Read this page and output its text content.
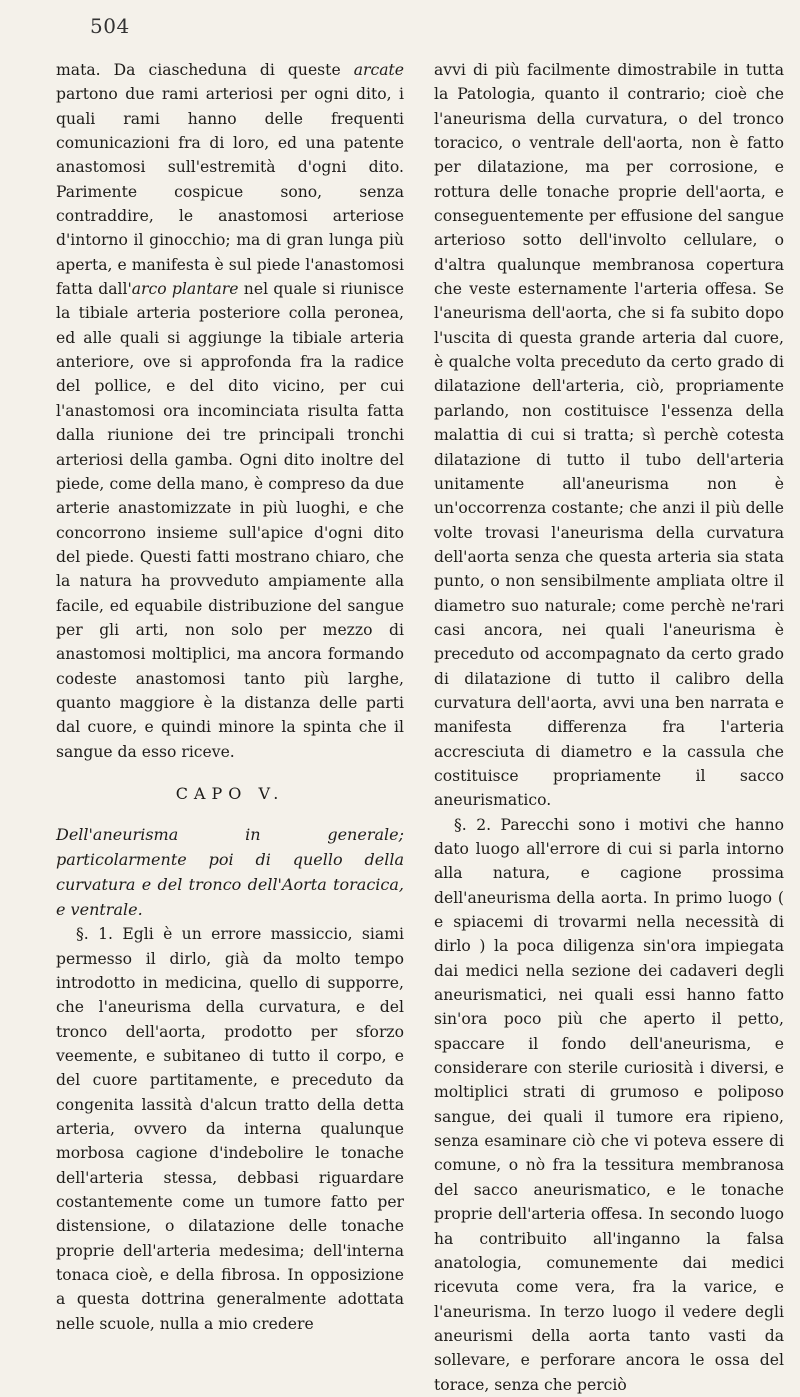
504

mata. Da ciascheduna di queste arcate partono due rami arteriosi per ogni dito, i quali rami hanno delle frequenti comunicazioni fra di loro, ed una patente anastomosi sull'estremità d'ogni dito. Parimente cospicue sono, senza contraddire, le anastomosi arteriose d'intorno il ginocchio; ma di gran lunga più aperta, e manifesta è sul piede l'anastomosi fatta dall'arco plantare nel quale si riunisce la tibiale arteria posteriore colla peronea, ed alle quali si aggiunge la tibiale arteria anteriore, ove si approfonda fra la radice del pollice, e del dito vicino, per cui l'anastomosi ora incominciata risulta fatta dalla riunione dei tre principali tronchi arteriosi della gamba. Ogni dito inoltre del piede, come della mano, è compreso da due arterie anastomizzate in più luoghi, e che concorrono insieme sull'apice d'ogni dito del piede. Questi fatti mostrano chiaro, che la natura ha provveduto ampiamente alla facile, ed equabile distribuzione del sangue per gli arti, non solo per mezzo di anastomosi moltiplici, ma ancora formando codeste anastomosi tanto più larghe, quanto maggiore è la distanza delle parti dal cuore, e quindi minore la spinta che il sangue da esso riceve.

CAPO V.

Dell'aneurisma in generale; particolarmente poi di quello della curvatura e del tronco dell'Aorta toracica, e ventrale.

§. 1. Egli è un errore massiccio, siami permesso il dirlo, già da molto tempo introdotto in medicina, quello di supporre, che l'aneurisma della curvatura, e del tronco dell'aorta, prodotto per sforzo veemente, e subitaneo di tutto il corpo, e del cuore partitamente, e preceduto da congenita lassità d'alcun tratto della detta arteria, ovvero da interna qualunque morbosa cagione d'indebolire le tonache dell'arteria stessa, debbasi riguardare costantemente come un tumore fatto per distensione, o dilatazione delle tonache proprie dell'arteria medesima; dell'interna tonaca cioè, e della fibrosa. In opposizione a questa dottrina generalmente adottata nelle scuole, nulla a mio credere

avvi di più facilmente dimostrabile in tutta la Patologia, quanto il contrario; cioè che l'aneurisma della curvatura, o del tronco toracico, o ventrale dell'aorta, non è fatto per dilatazione, ma per corrosione, e rottura delle tonache proprie dell'aorta, e conseguentemente per effusione del sangue arterioso sotto dell'involto cellulare, o d'altra qualunque membranosa copertura che veste esternamente l'arteria offesa. Se l'aneurisma dell'aorta, che si fa subito dopo l'uscita di questa grande arteria dal cuore, è qualche volta preceduto da certo grado di dilatazione dell'arteria, ciò, propriamente parlando, non costituisce l'essenza della malattia di cui si tratta; sì perchè cotesta dilatazione di tutto il tubo dell'arteria unitamente all'aneurisma non è un'occorrenza costante; che anzi il più delle volte trovasi l'aneurisma della curvatura dell'aorta senza che questa arteria sia stata punto, o non sensibilmente ampliata oltre il diametro suo naturale; come perchè ne'rari casi ancora, nei quali l'aneurisma è preceduto od accompagnato da certo grado di dilatazione di tutto il calibro della curvatura dell'aorta, avvi una ben narrata e manifesta differenza fra l'arteria accresciuta di diametro e la cassula che costituisce propriamente il sacco aneurismatico.

§. 2. Parecchi sono i motivi che hanno dato luogo all'errore di cui si parla intorno alla natura, e cagione prossima dell'aneurisma della aorta. In primo luogo ( e spiacemi di trovarmi nella necessità di dirlo ) la poca diligenza sin'ora impiegata dai medici nella sezione dei cadaveri degli aneurismatici, nei quali essi hanno fatto sin'ora poco più che aperto il petto, spaccare il fondo dell'aneurisma, e considerare con sterile curiosità i diversi, e moltiplici strati di grumoso e poliposo sangue, dei quali il tumore era ripieno, senza esaminare ciò che vi poteva essere di comune, o nò fra la tessitura membranosa del sacco aneurismatico, e le tonache proprie dell'arteria offesa. In secondo luogo ha contribuito all'inganno la falsa anatologia, comunemente dai medici ricevuta come vera, fra la varice, e l'aneurisma. In terzo luogo il vedere degli aneurismi della aorta tanto vasti da sollevare, e perforare ancora le ossa del torace, senza che perciò
